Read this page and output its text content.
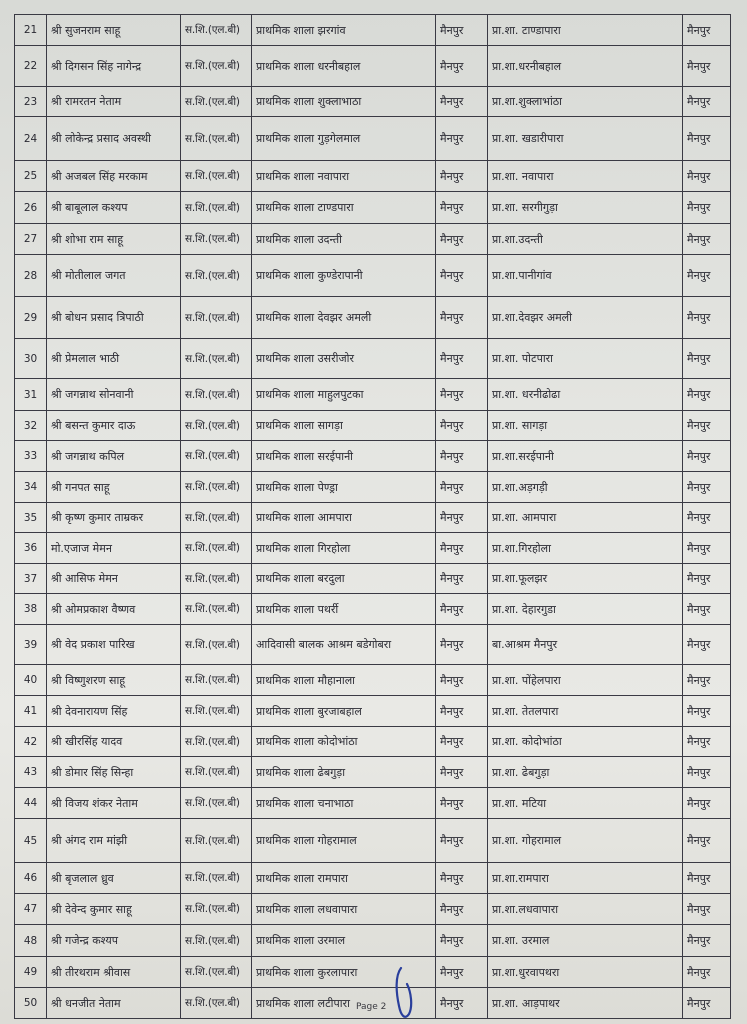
21	श्री सुजनराम साहू	स.शि.(एल.बी)	प्राथमिक शाला झरगांव	मैनपुर	प्रा.शा. टाण्डापारा	मैनपुर
22	श्री दिगसन सिंह नागेन्द्र	स.शि.(एल.बी)	प्राथमिक शाला धरनीबहाल	मैनपुर	प्रा.शा.धरनीबहाल	मैनपुर
23	श्री रामरतन नेताम	स.शि.(एल.बी)	प्राथमिक शाला शुक्लाभाठा	मैनपुर	प्रा.शा.शुक्लाभांठा	मैनपुर
24	श्री लोकेन्द्र प्रसाद अवस्थी	स.शि.(एल.बी)	प्राथमिक शाला गुड़गेलमाल	मैनपुर	प्रा.शा. खडारीपारा	मैनपुर
25	श्री अजबल सिंह मरकाम	स.शि.(एल.बी)	प्राथमिक शाला नवापारा	मैनपुर	प्रा.शा. नवापारा	मैनपुर
26	श्री बाबूलाल कश्यप	स.शि.(एल.बी)	प्राथमिक शाला टाण्डपारा	मैनपुर	प्रा.शा. सरगीगुड़ा	मैनपुर
27	श्री शोभा राम साहू	स.शि.(एल.बी)	प्राथमिक शाला उदन्ती	मैनपुर	प्रा.शा.उदन्ती	मैनपुर
28	श्री मोतीलाल जगत	स.शि.(एल.बी)	प्राथमिक शाला कुण्डेरापानी	मैनपुर	प्रा.शा.पानीगांव	मैनपुर
29	श्री बोधन प्रसाद त्रिपाठी	स.शि.(एल.बी)	प्राथमिक शाला देवझर अमली	मैनपुर	प्रा.शा.देवझर अमली	मैनपुर
30	श्री प्रेमलाल भाठी	स.शि.(एल.बी)	प्राथमिक शाला उसरीजोर	मैनपुर	प्रा.शा. पोटपारा	मैनपुर
31	श्री जगन्नाथ सोनवानी	स.शि.(एल.बी)	प्राथमिक शाला माहुलपुटका	मैनपुर	प्रा.शा. धरनीढोढा	मैनपुर
32	श्री बसन्त कुमार दाऊ	स.शि.(एल.बी)	प्राथमिक शाला सागड़ा	मैनपुर	प्रा.शा. सागड़ा	मैनपुर
33	श्री जगन्नाथ कपिल	स.शि.(एल.बी)	प्राथमिक शाला सरईपानी	मैनपुर	प्रा.शा.सरईपानी	मैनपुर
34	श्री गनपत साहू	स.शि.(एल.बी)	प्राथमिक शाला पेण्ड्रा	मैनपुर	प्रा.शा.अड़गड़ी	मैनपुर
35	श्री कृष्ण कुमार ताम्रकर	स.शि.(एल.बी)	प्राथमिक शाला आमपारा	मैनपुर	प्रा.शा. आमपारा	मैनपुर
36	मो.एजाज मेमन	स.शि.(एल.बी)	प्राथमिक शाला गिरहोला	मैनपुर	प्रा.शा.गिरहोला	मैनपुर
37	श्री आसिफ मेमन	स.शि.(एल.बी)	प्राथमिक शाला बरदुला	मैनपुर	प्रा.शा.फूलझर	मैनपुर
38	श्री ओमप्रकाश वैष्णव	स.शि.(एल.बी)	प्राथमिक शाला पथर्री	मैनपुर	प्रा.शा. देहारगुडा	मैनपुर
39	श्री वेद प्रकाश पारिख	स.शि.(एल.बी)	आदिवासी बालक आश्रम बडेगोबरा	मैनपुर	बा.आश्रम मैनपुर	मैनपुर
40	श्री विष्णुशरण साहू	स.शि.(एल.बी)	प्राथमिक शाला मौहानाला	मैनपुर	प्रा.शा. पोंहेलपारा	मैनपुर
41	श्री देवनारायण सिंह	स.शि.(एल.बी)	प्राथमिक शाला बुरजाबहाल	मैनपुर	प्रा.शा. तेतलपारा	मैनपुर
42	श्री खीरसिंह यादव	स.शि.(एल.बी)	प्राथमिक शाला कोदोभांठा	मैनपुर	प्रा.शा. कोदोभांठा	मैनपुर
43	श्री डोमार सिंह सिन्हा	स.शि.(एल.बी)	प्राथमिक शाला ढेबगुड़ा	मैनपुर	प्रा.शा. ढेबगुड़ा	मैनपुर
44	श्री विजय शंकर नेताम	स.शि.(एल.बी)	प्राथमिक शाला चनाभाठा	मैनपुर	प्रा.शा. मटिया	मैनपुर
45	श्री अंगद राम मांझी	स.शि.(एल.बी)	प्राथमिक शाला गोहरामाल	मैनपुर	प्रा.शा. गोहरामाल	मैनपुर
46	श्री बृजलाल ध्रुव	स.शि.(एल.बी)	प्राथमिक शाला रामपारा	मैनपुर	प्रा.शा.रामपारा	मैनपुर
47	श्री देवेन्द कुमार साहू	स.शि.(एल.बी)	प्राथमिक शाला लधवापारा	मैनपुर	प्रा.शा.लधवापारा	मैनपुर
48	श्री गजेन्द्र कश्यप	स.शि.(एल.बी)	प्राथमिक शाला उरमाल	मैनपुर	प्रा.शा. उरमाल	मैनपुर
49	श्री तीरथराम श्रीवास	स.शि.(एल.बी)	प्राथमिक शाला कुरलापारा	मैनपुर	प्रा.शा.धुरवापथरा	मैनपुर
50	श्री धनजीत नेताम	स.शि.(एल.बी)	प्राथमिक शाला लटीपारा	मैनपुर	प्रा.शा. आड़पाथर	मैनपुर
Page 2
